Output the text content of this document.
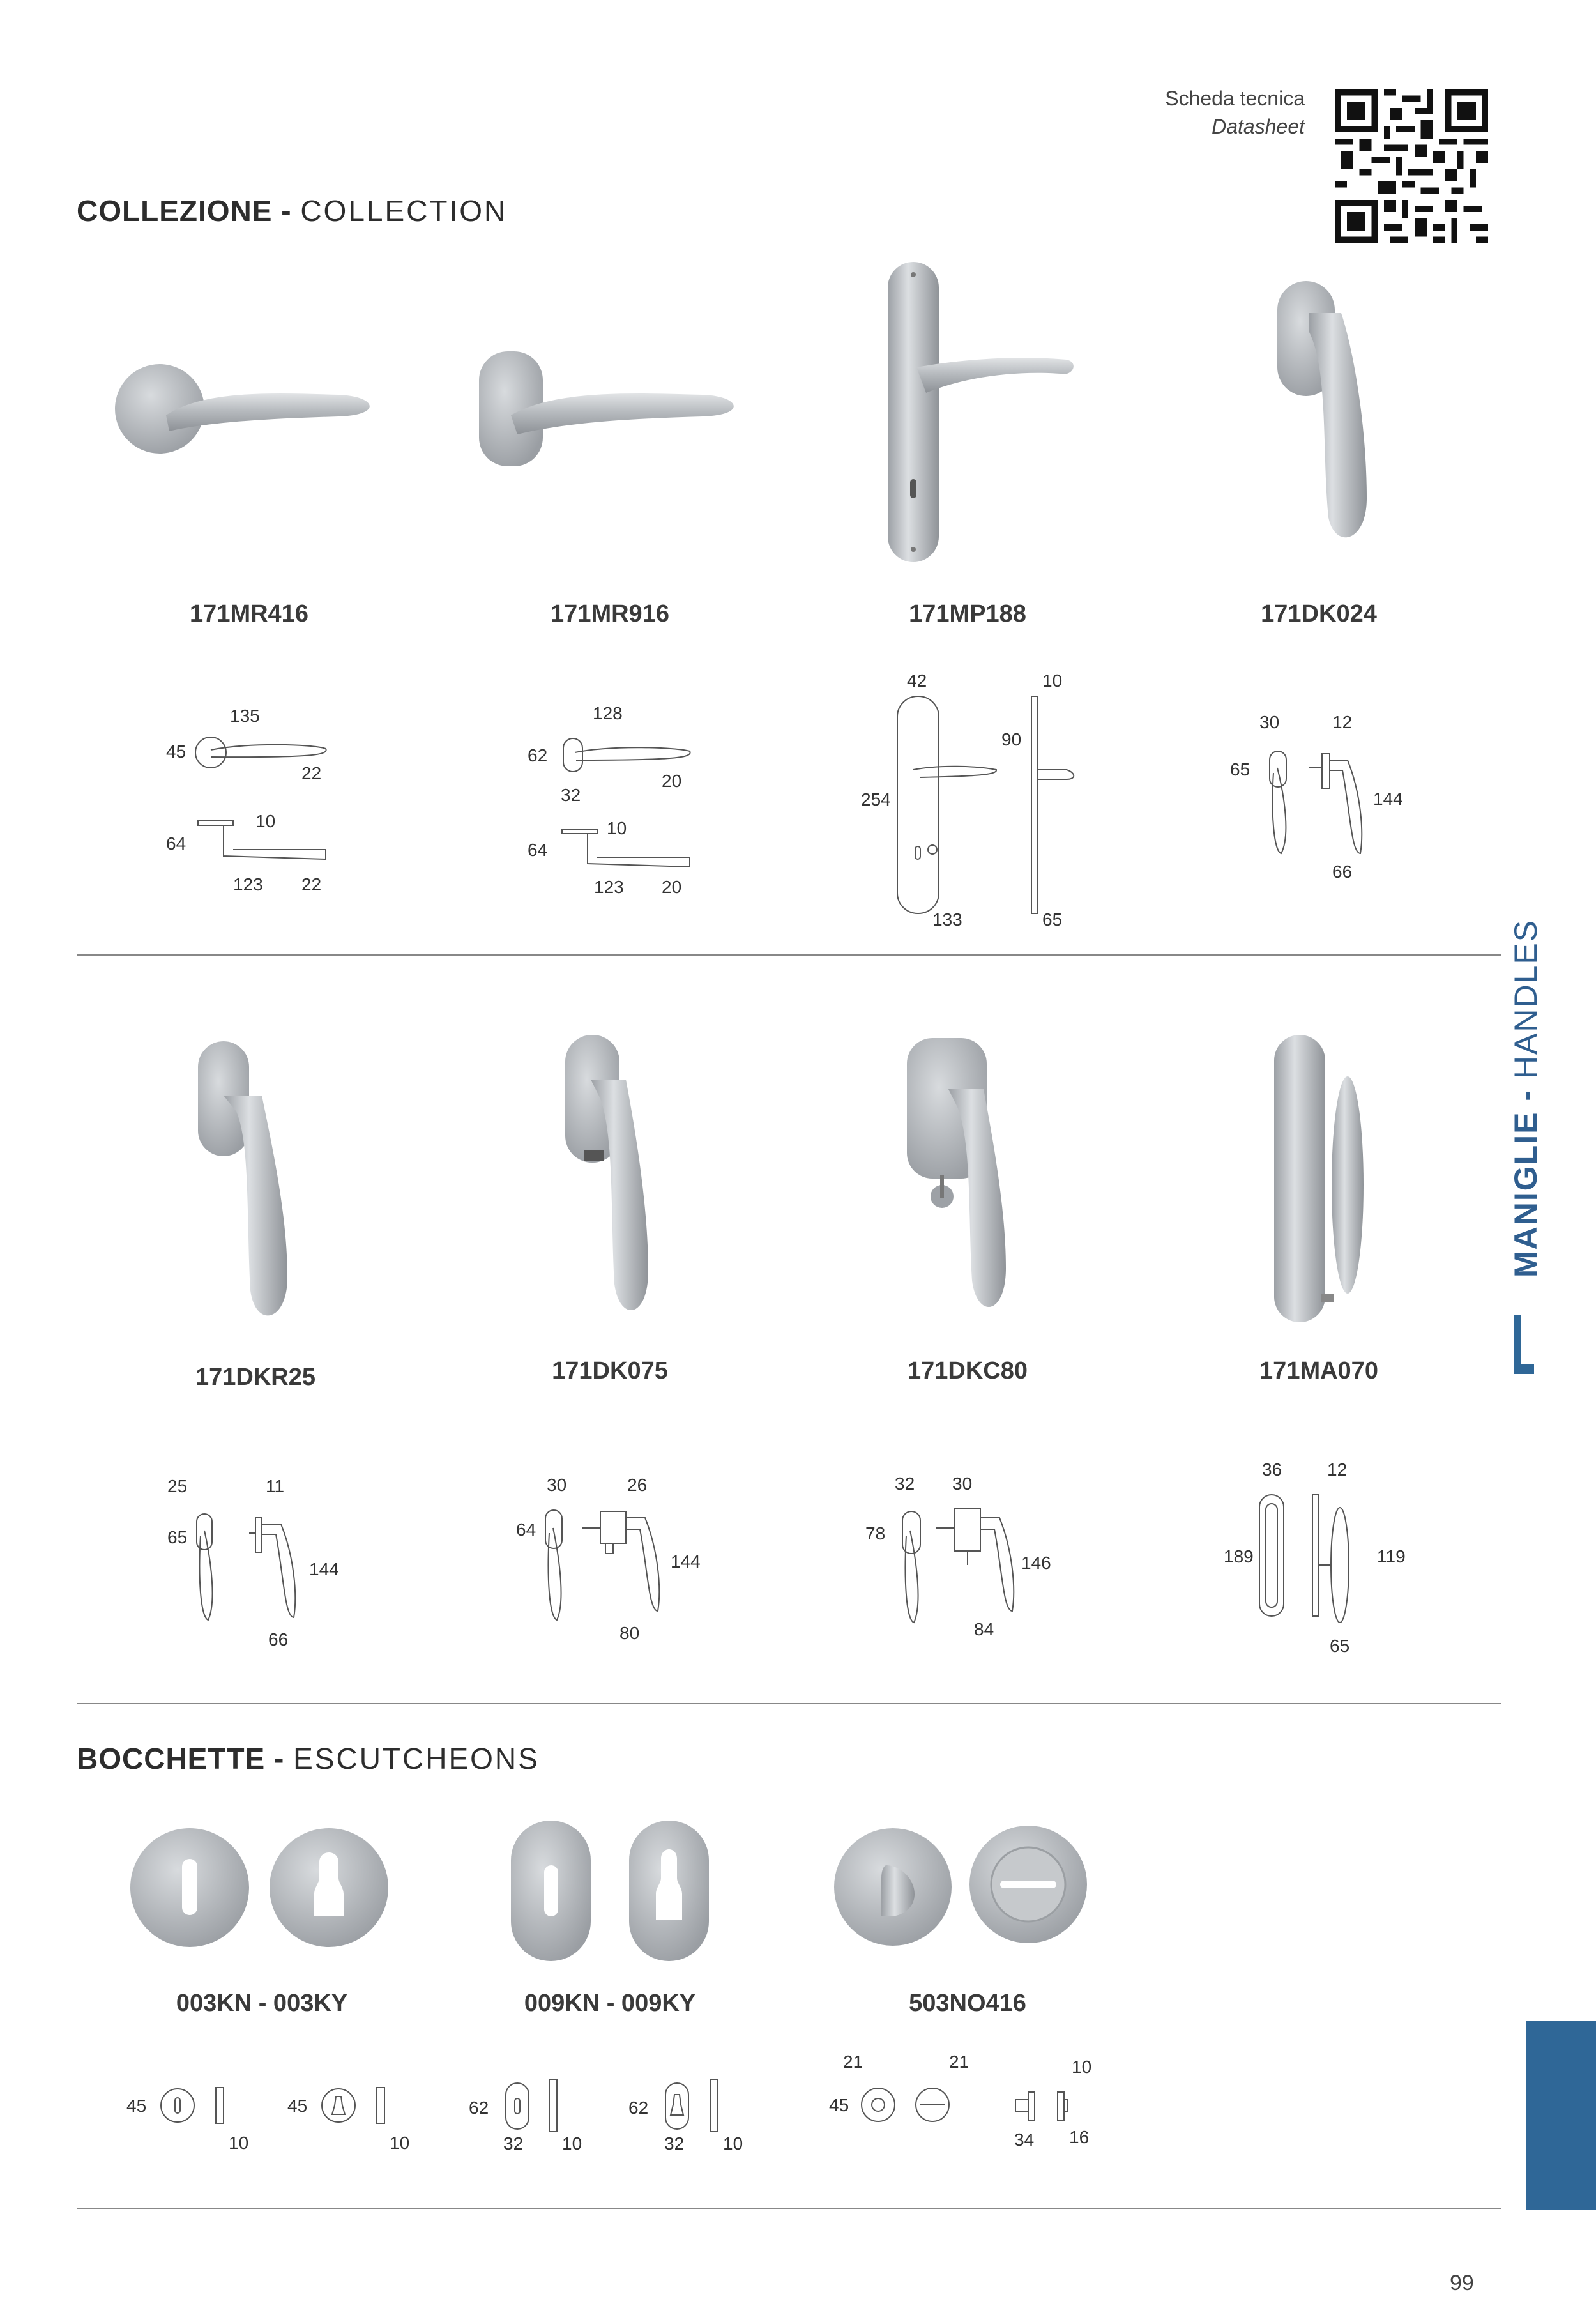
Scheda tecnica
Datasheet
COLLEZIONE - COLLECTION
171MR416	171MR916	171MP188	171DK024
135
45
22
10
64
123 22
128
62
20
32
10
64
123 20
42	10
90
254
133	65
30	12
65
144
66
171DKR25	171DK075	171DKC80	171MA070
25	11
65
144
66
30	26
64
144
80
32 30
78
146
84
36	12
189	119
65
BOCCHETTE - ESCUTCHEONS
003KN - 003KY	009KN - 009KY	503NO416
45
10
45
10
62
32 10
62
32 10
21	21
45
10
34 16
MANIGLIE - HANDLES
99
